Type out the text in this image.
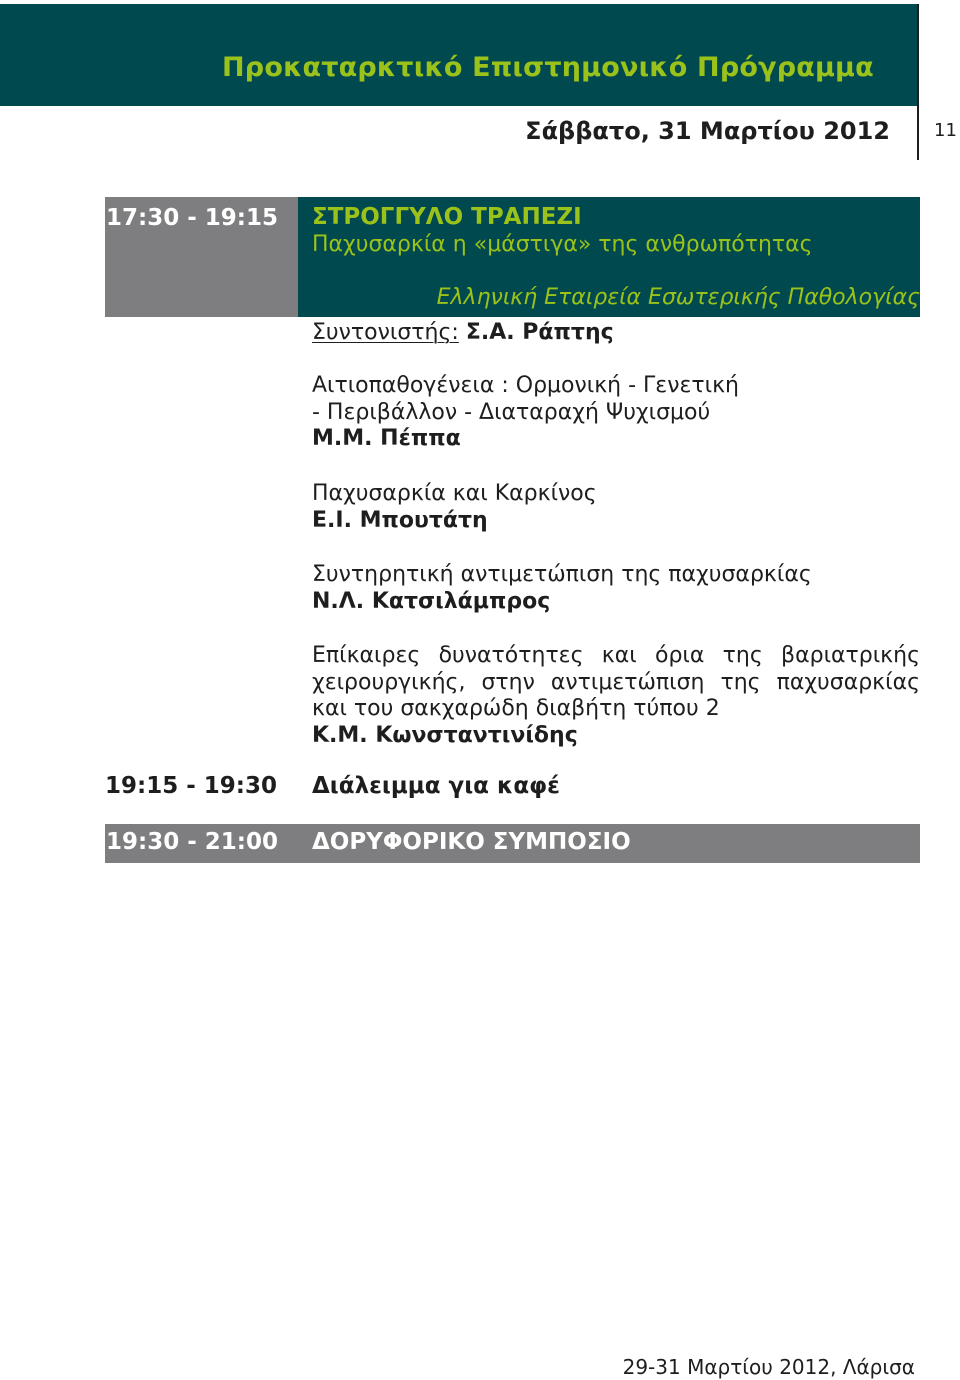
Προκαταρκτικό Επιστημονικό Πρόγραμμα
Σάββατο, 31 Μαρτίου 2012 11
17:30 - 19:15	ΣΤΡΟΓΓΥΛΟ ΤΡΑΠΕΖΙ
Παχυσαρκία η «μάστιγα» της ανθρωπότητας
Ελληνική Εταιρεία Εσωτερικής Παθολογίας
Συντονιστής: Σ.Α. Ράπτης
Αιτιοπαθογένεια : Ορμονική - Γενετική
- Περιβάλλον - Διαταραχή Ψυχισμού
Μ.Μ. Πέππα
Παχυσαρκία και Καρκίνος
Ε.Ι. Μπουτάτη
Συντηρητική αντιμετώπιση της παχυσαρκίας
Ν.Λ. Κατσιλάμπρος
Επίκαιρες δυνατότητες και όρια της βαριατρικής χειρουργικής, στην αντιμετώπιση της παχυσαρκίας και του σακχαρώδη διαβήτη τύπου 2
Κ.Μ. Κωνσταντινίδης
19:15 - 19:30 Διάλειμμα για καφέ
19:30 - 21:00	ΔΟΡΥΦΟΡΙΚΟ ΣΥΜΠΟΣΙΟ
29-31 Μαρτίου 2012, Λάρισα
